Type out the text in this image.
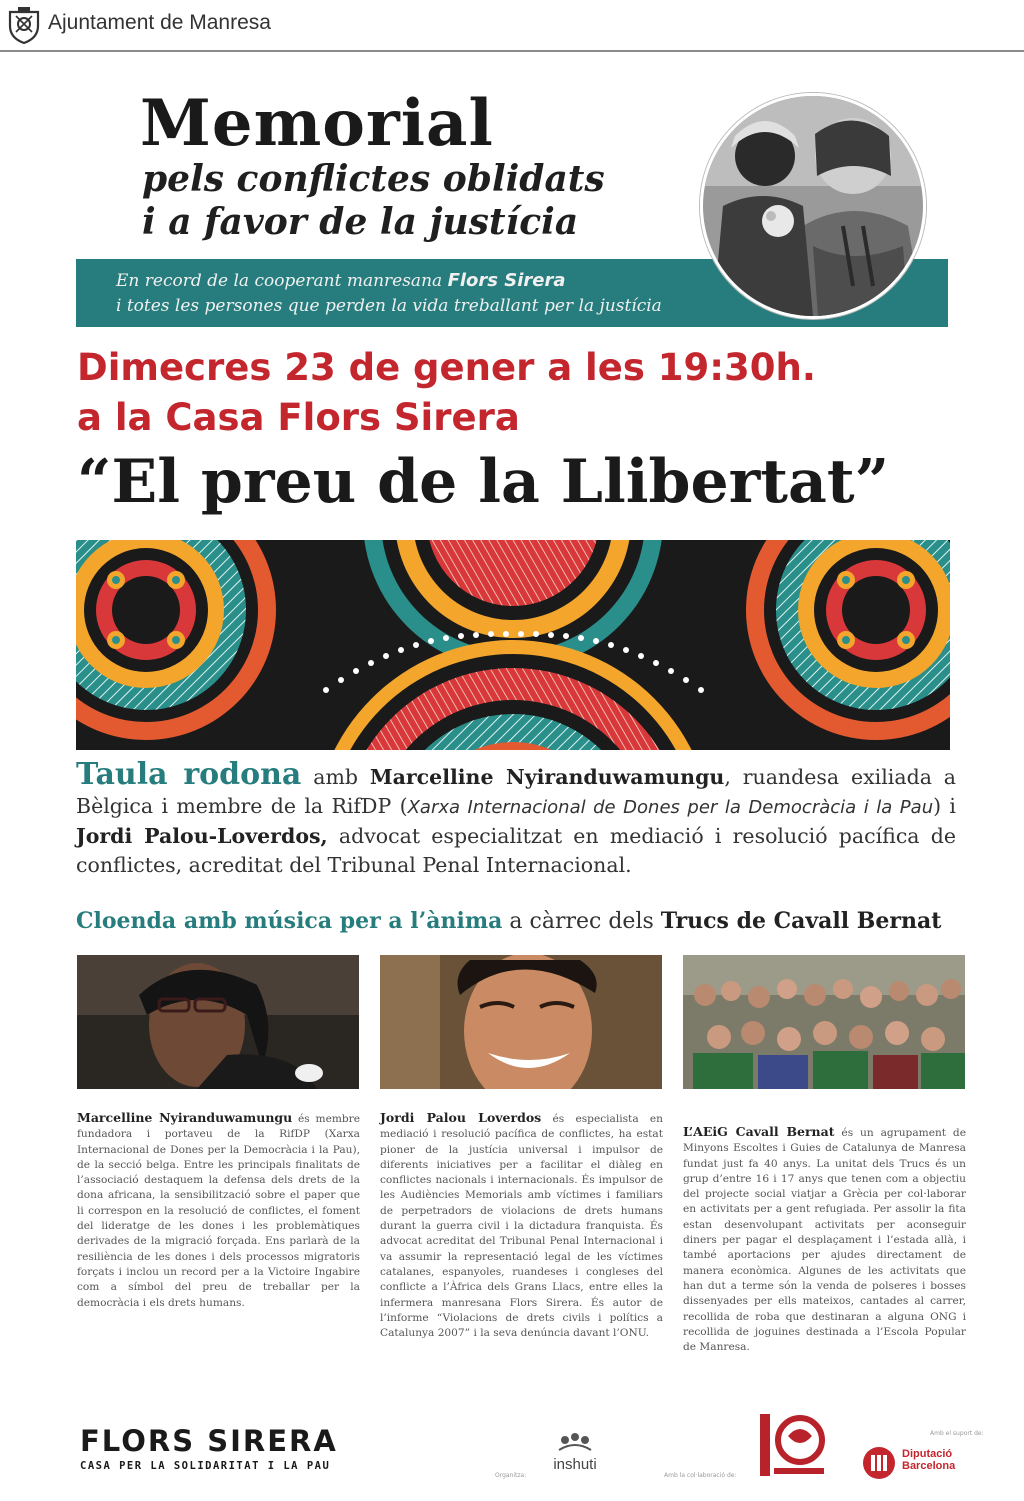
Ajuntament de Manresa
Memorial
pels conflictes oblidats
i a favor de la justícia
En record de la cooperant manresana Flors Sirera
i totes les persones que perden la vida treballant per la justícia
Dimecres 23 de gener a les 19:30h.
a la Casa Flors Sirera
“El preu de la Llibertat”
Taula rodona amb Marcelline Nyiranduwamungu, ruandesa exiliada a Bèlgica i membre de la RifDP (Xarxa Internacional de Dones per la Democràcia i la Pau) i Jordi Palou-Loverdos, advocat especialitzat en mediació i resolució pacífica de conflictes, acreditat del Tribunal Penal Internacional.
Cloenda amb música per a l’ànima a càrrec dels Trucs de Cavall Bernat
Marcelline Nyiranduwamungu és membre fundadora i portaveu de la RifDP (Xarxa Internacional de Dones per la Democràcia i la Pau), de la secció belga. Entre les principals finalitats de l’associació destaquem la defensa dels drets de la dona africana, la sensibilització sobre el paper que li correspon en la resolució de conflictes, el foment del lideratge de les dones i les problemàtiques derivades de la migració forçada. Ens parlarà de la resiliència de les dones i dels processos migratoris forçats i inclou un record per a la Victoire Ingabire com a símbol del preu de treballar per la democràcia i els drets humans.
Jordi Palou Loverdos és especialista en mediació i resolució pacífica de conflictes, ha estat pioner de la justícia universal i impulsor de diferents iniciatives per a facilitar el diàleg en conflictes nacionals i internacionals. És impulsor de les Audiències Memorials amb víctimes i familiars de perpetradors de violacions de drets humans durant la guerra civil i la dictadura franquista. És advocat acreditat del Tribunal Penal Internacional i va assumir la representació legal de les víctimes catalanes, espanyoles, ruandeses i congleses del conflicte a l’Àfrica dels Grans Llacs, entre elles la infermera manresana Flors Sirera. És autor de l’informe “Violacions de drets civils i polítics a Catalunya 2007” i la seva denúncia davant l’ONU.
L’AEiG Cavall Bernat és un agrupament de Minyons Escoltes i Guies de Catalunya de Manresa fundat just fa 40 anys. La unitat dels Trucs és un grup d’entre 16 i 17 anys que tenen com a objectiu del projecte social viatjar a Grècia per col·laborar en activitats per a gent refugiada. Per assolir la fita estan desenvolupant activitats per aconseguir diners per pagar el desplaçament i l’estada allà, i també aportacions per ajudes directament de manera econòmica. Algunes de les activitats que han dut a terme són la venda de polseres i bosses dissenyades per ells mateixos, cantades al carrer, recollida de roba que destinaran a alguna ONG i recollida de joguines destinada a l’Escola Popular de Manresa.
FLORS SIRERA
CASA PER LA SOLIDARITAT I LA PAU
Organitza:
inshuti
Amb la col·laboració de:
Amb el suport de:
Diputació
Barcelona
